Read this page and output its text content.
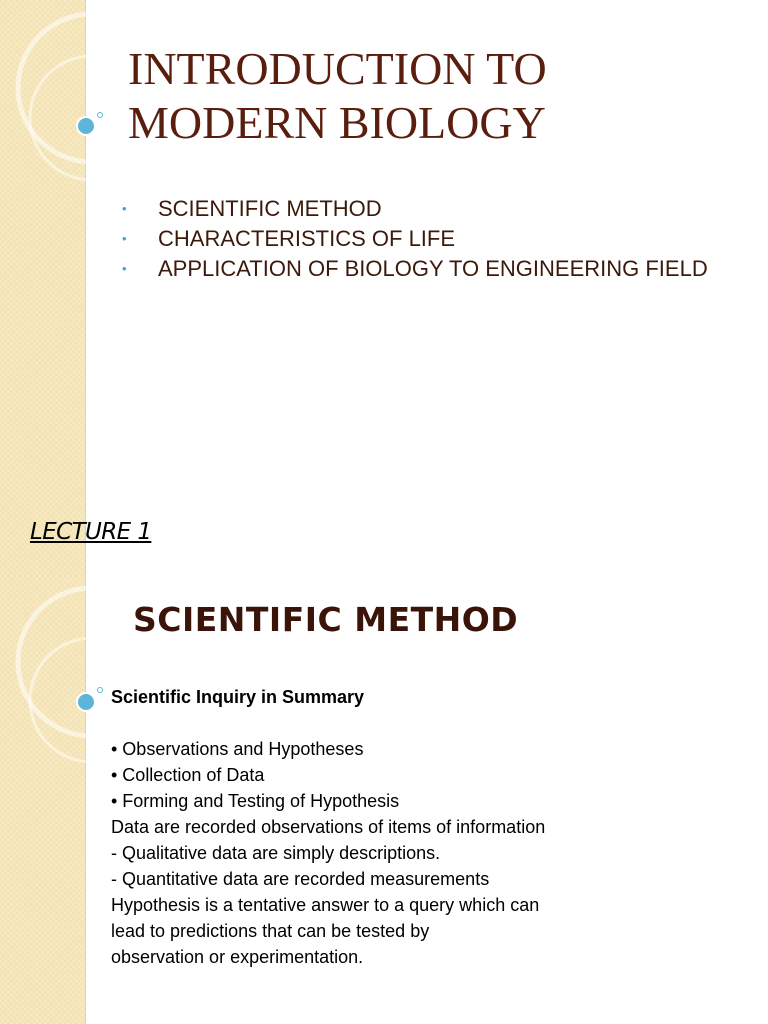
INTRODUCTION TO
MODERN BIOLOGY
• SCIENTIFIC METHOD
• CHARACTERISTICS OF LIFE
• APPLICATION OF BIOLOGY TO ENGINEERING FIELD
LECTURE 1
SCIENTIFIC METHOD
Scientific Inquiry in Summary

• Observations and Hypotheses

• Collection of Data

• Forming and Testing of Hypothesis

Data are recorded observations of items of information

- Qualitative data are simply descriptions.

- Quantitative data are recorded measurements

Hypothesis is a tentative answer to a query which can

lead to predictions that can be tested by

observation or experimentation.
